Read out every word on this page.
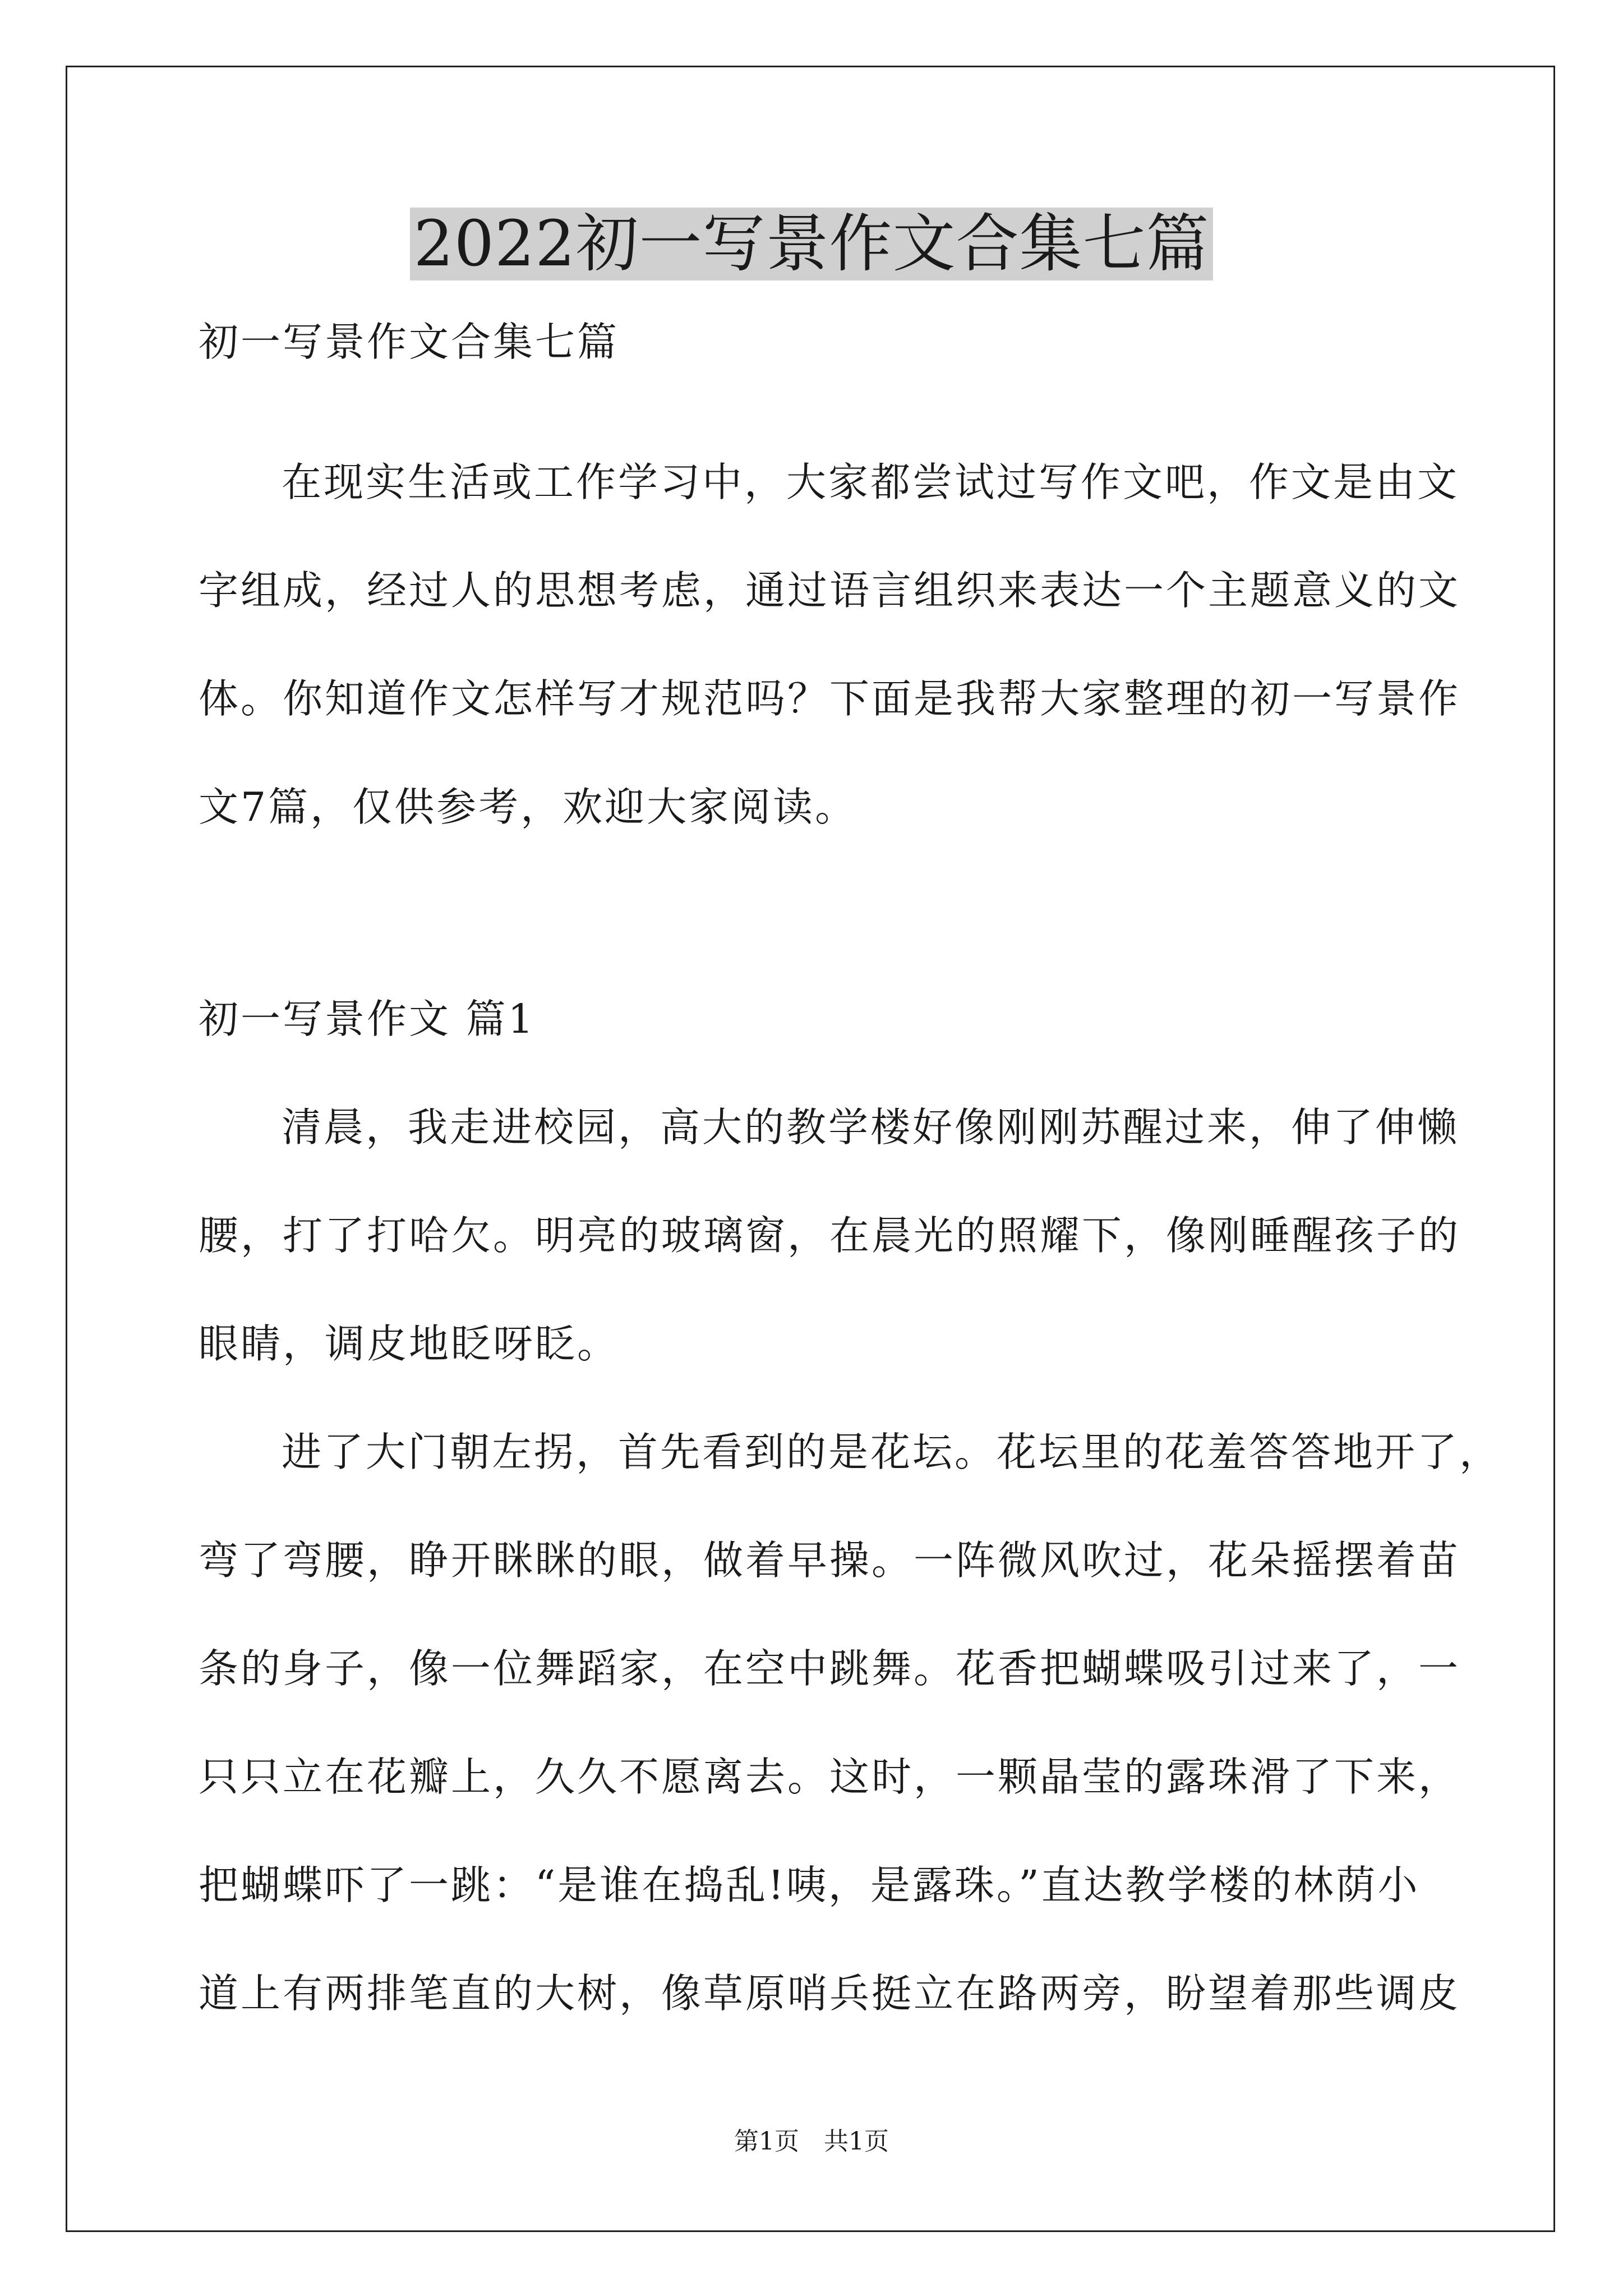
2022初一写景作文合集七篇
初一写景作文合集七篇
在现实生活或工作学习中，大家都尝试过写作文吧，作文是由文
字组成，经过人的思想考虑，通过语言组织来表达一个主题意义的文
体。你知道作文怎样写才规范吗？下面是我帮大家整理的初一写景作
文7篇，仅供参考，欢迎大家阅读。
初一写景作文 篇1
清晨，我走进校园，高大的教学楼好像刚刚苏醒过来，伸了伸懒
腰，打了打哈欠。明亮的玻璃窗，在晨光的照耀下，像刚睡醒孩子的
眼睛，调皮地眨呀眨。
进了大门朝左拐，首先看到的是花坛。花坛里的花羞答答地开了，
弯了弯腰，睁开眯眯的眼，做着早操。一阵微风吹过，花朵摇摆着苗
条的身子，像一位舞蹈家，在空中跳舞。花香把蝴蝶吸引过来了，一
只只立在花瓣上，久久不愿离去。这时，一颗晶莹的露珠滑了下来，
把蝴蝶吓了一跳：“是谁在捣乱!咦，是露珠。”直达教学楼的林荫小
道上有两排笔直的大树，像草原哨兵挺立在路两旁，盼望着那些调皮
第1页　共1页
